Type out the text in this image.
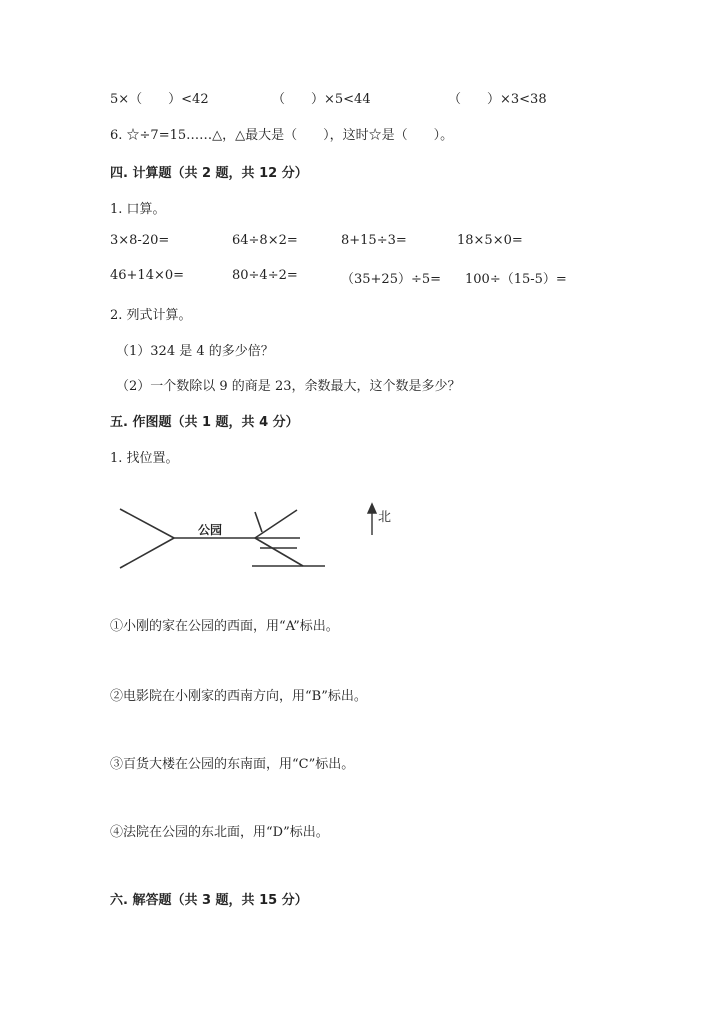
5×（　　）<42	（　　）×5<44	（　　）×3<38
6. ☆÷7=15……△，△最大是（　　），这时☆是（　　）。
四. 计算题（共 2 题，共 12 分）
1. 口算。
3×8-20=	64÷8×2=	8+15÷3=	18×5×0=
46+14×0=	80÷4÷2=	（35+25）÷5= 100÷（15-5）=
2. 列式计算。
（1）324 是 4 的多少倍？
（2）一个数除以 9 的商是 23，余数最大，这个数是多少？
五. 作图题（共 1 题，共 4 分）
1. 找位置。
公园
北
①小刚的家在公园的西面，用“A”标出。
②电影院在小刚家的西南方向，用“B”标出。
③百货大楼在公园的东南面，用“C”标出。
④法院在公园的东北面，用“D”标出。
六. 解答题（共 3 题，共 15 分）
